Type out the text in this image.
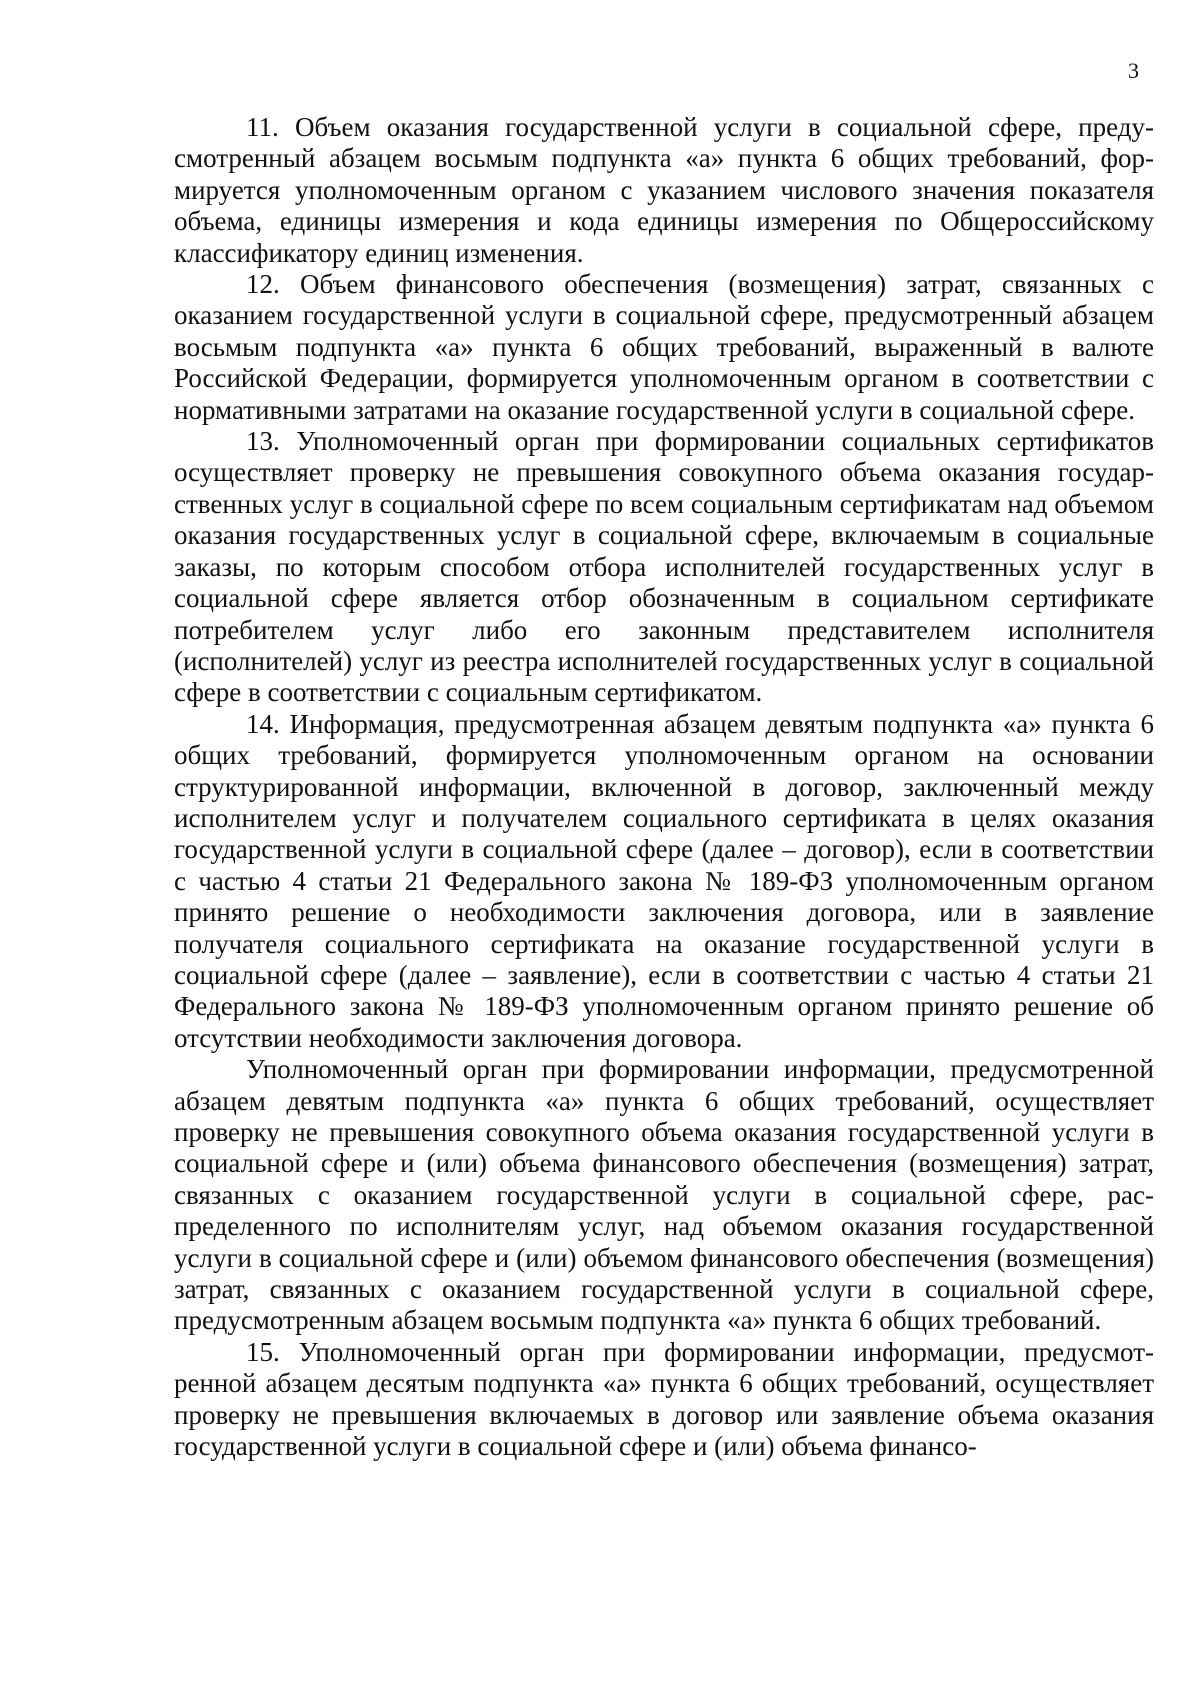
3

11. Объем оказания государственной услуги в социальной сфере, предусмотренный абзацем восьмым подпункта «а» пункта 6 общих требований, формируется уполномоченным органом с указанием числового значения показателя объема, единицы измерения и кода единицы измерения по Общероссийскому классификатору единиц изменения.

12. Объем финансового обеспечения (возмещения) затрат, связанных с оказанием государственной услуги в социальной сфере, предусмотренный абзацем восьмым подпункта «а» пункта 6 общих требований, выраженный в валюте Российской Федерации, формируется уполномоченным органом в соответствии с нормативными затратами на оказание государственной услуги в социальной сфере.

13. Уполномоченный орган при формировании социальных сертификатов осуществляет проверку не превышения совокупного объема оказания государственных услуг в социальной сфере по всем социальным сертификатам над объемом оказания государственных услуг в социальной сфере, включаемым в социальные заказы, по которым способом отбора исполнителей государственных услуг в социальной сфере является отбор обозначенным в социальном сертификате потребителем услуг либо его законным представителем исполнителя (исполнителей) услуг из реестра исполнителей государственных услуг в социальной сфере в соответствии с социальным сертификатом.

14. Информация, предусмотренная абзацем девятым подпункта «а» пункта 6 общих требований, формируется уполномоченным органом на основании структурированной информации, включенной в договор, заключенный между исполнителем услуг и получателем социального сертификата в целях оказания государственной услуги в социальной сфере (далее – договор), если в соответствии с частью 4 статьи 21 Федерального закона № 189-ФЗ уполномоченным органом принято решение о необходимости заключения договора, или в заявление получателя социального сертификата на оказание государственной услуги в социальной сфере (далее – заявление), если в соответствии с частью 4 статьи 21 Федерального закона № 189-ФЗ уполномоченным органом принято решение об отсутствии необходимости заключения договора.

Уполномоченный орган при формировании информации, предусмотренной абзацем девятым подпункта «а» пункта 6 общих требований, осуществляет проверку не превышения совокупного объема оказания государственной услуги в социальной сфере и (или) объема финансового обеспечения (возмещения) затрат, связанных с оказанием государственной услуги в социальной сфере, распределенного по исполнителям услуг, над объемом оказания государственной услуги в социальной сфере и (или) объемом финансового обеспечения (возмещения) затрат, связанных с оказанием государственной услуги в социальной сфере, предусмотренным абзацем восьмым подпункта «а» пункта 6 общих требований.

15. Уполномоченный орган при формировании информации, предусмотренной абзацем десятым подпункта «а» пункта 6 общих требований, осуществляет проверку не превышения включаемых в договор или заявление объема оказания государственной услуги в социальной сфере и (или) объема финансо-
